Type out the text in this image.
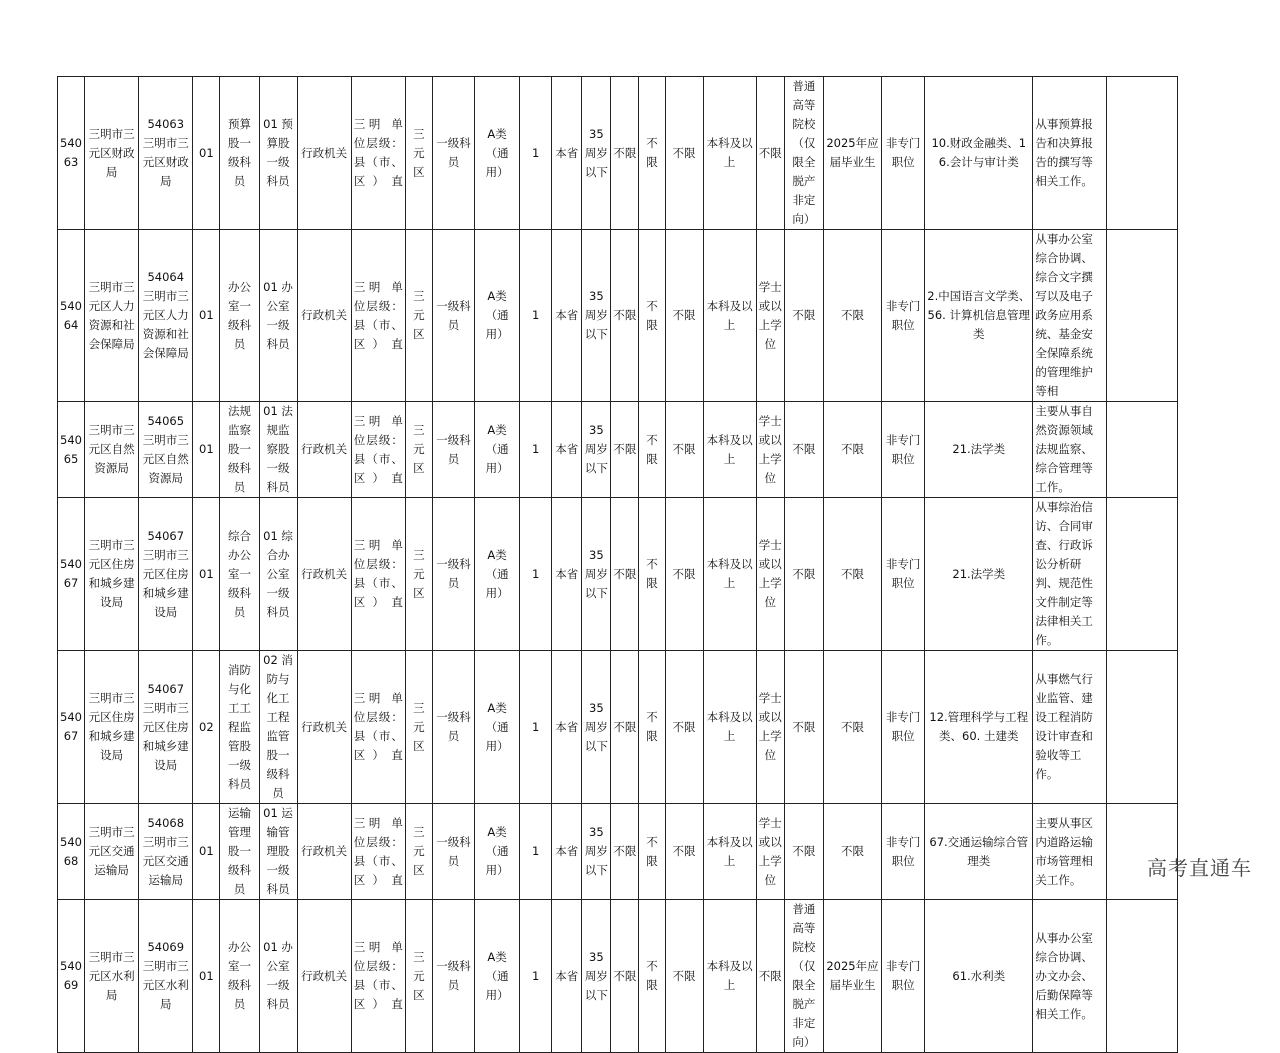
54063	三明市三元区财政局	54063 三明市三元区财政局	01	预算股一级科员	01 预算股一级科员	行政机关	三明 单位层级：县（市、区）直	三元区	一级科员	A类（通用）	1	本省	35周岁以下	不限	不限	不限	本科及以上	不限	普通高等院校（仅限全脱产非定向）	2025年应届毕业生	非专门职位	10.财政金融类、16.会计与审计类	从事预算报告和决算报告的撰写等相关工作。	
54064	三明市三元区人力资源和社会保障局	54064 三明市三元区人力资源和社会保障局	01	办公室一级科员	01 办公室一级科员	行政机关	三明 单位层级：县（市、区）直	三元区	一级科员	A类（通用）	1	本省	35周岁以下	不限	不限	不限	本科及以上	学士或以上学位	不限	不限	非专门职位	2.中国语言文学类、56. 计算机信息管理类	从事办公室综合协调、综合文字撰写以及电子政务应用系统、基金安全保障系统的管理维护等相	
54065	三明市三元区自然资源局	54065 三明市三元区自然资源局	01	法规监察股一级科员	01 法规监察股一级科员	行政机关	三明 单位层级：县（市、区）直	三元区	一级科员	A类（通用）	1	本省	35周岁以下	不限	不限	不限	本科及以上	学士或以上学位	不限	不限	非专门职位	21.法学类	主要从事自然资源领域法规监察、综合管理等工作。	
54067	三明市三元区住房和城乡建设局	54067 三明市三元区住房和城乡建设局	01	综合办公室一级科员	01 综合办公室一级科员	行政机关	三明 单位层级：县（市、区）直	三元区	一级科员	A类（通用）	1	本省	35周岁以下	不限	不限	不限	本科及以上	学士或以上学位	不限	不限	非专门职位	21.法学类	从事综治信访、合同审查、行政诉讼分析研判、规范性文件制定等法律相关工作。	
54067	三明市三元区住房和城乡建设局	54067 三明市三元区住房和城乡建设局	02	消防与化工工程监管股一级科员	02 消防与化工工程监管股一级科员	行政机关	三明 单位层级：县（市、区）直	三元区	一级科员	A类（通用）	1	本省	35周岁以下	不限	不限	不限	本科及以上	学士或以上学位	不限	不限	非专门职位	12.管理科学与工程类、60. 土建类	从事燃气行业监管、建设工程消防设计审查和验收等工作。	
54068	三明市三元区交通运输局	54068 三明市三元区交通运输局	01	运输管理股一级科员	01 运输管理股一级科员	行政机关	三明 单位层级：县（市、区）直	三元区	一级科员	A类（通用）	1	本省	35周岁以下	不限	不限	不限	本科及以上	学士或以上学位	不限	不限	非专门职位	67.交通运输综合管理类	主要从事区内道路运输市场管理相关工作。	
54069	三明市三元区水利局	54069 三明市三元区水利局	01	办公室一级科员	01 办公室一级科员	行政机关	三明 单位层级：县（市、区）直	三元区	一级科员	A类（通用）	1	本省	35周岁以下	不限	不限	不限	本科及以上	不限	普通高等院校（仅限全脱产非定向）	2025年应届毕业生	非专门职位	61.水利类	从事办公室综合协调、办文办会、后勤保障等相关工作。	
高考直通车
